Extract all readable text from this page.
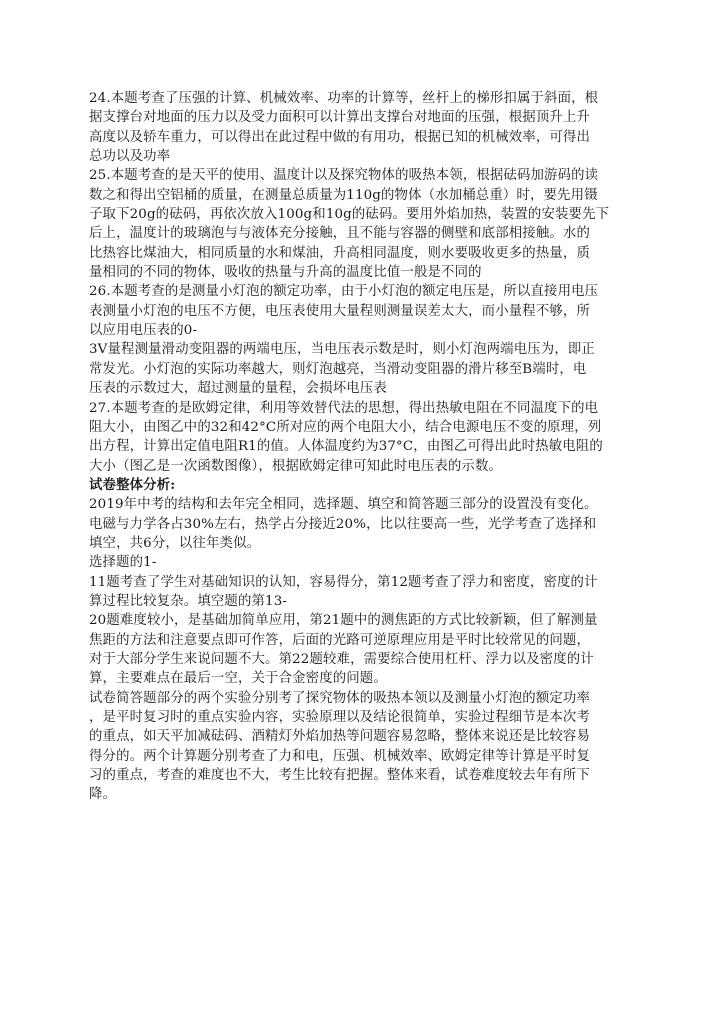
24.本题考查了压强的计算、机械效率、功率的计算等，丝杆上的梯形扣属于斜面，根
据支撑台对地面的压力以及受力面积可以计算出支撑台对地面的压强，根据顶升上升
高度以及轿车重力，可以得出在此过程中做的有用功，根据已知的机械效率，可得出
总功以及功率
25.本题考查的是天平的使用、温度计以及探究物体的吸热本领，根据砝码加游码的读
数之和得出空铝桶的质量，在测量总质量为110g的物体（水加桶总重）时，要先用镊
子取下20g的砝码，再依次放入100g和10g的砝码。要用外焰加热，装置的安装要先下
后上，温度计的玻璃泡与与液体充分接触，且不能与容器的侧壁和底部相接触。水的
比热容比煤油大，相同质量的水和煤油，升高相同温度，则水要吸收更多的热量，质
量相同的不同的物体，吸收的热量与升高的温度比值一般是不同的
26.本题考查的是测量小灯泡的额定功率，由于小灯泡的额定电压是，所以直接用电压
表测量小灯泡的电压不方便，电压表使用大量程则测量误差太大，而小量程不够，所
以应用电压表的0-
3V量程测量滑动变阻器的两端电压，当电压表示数是时，则小灯泡两端电压为，即正
常发光。小灯泡的实际功率越大，则灯泡越亮，当滑动变阻器的滑片移至B端时，电
压表的示数过大，超过测量的量程，会损坏电压表
27.本题考查的是欧姆定律，利用等效替代法的思想，得出热敏电阻在不同温度下的电
阻大小，由图乙中的32和42°C所对应的两个电阻大小，结合电源电压不变的原理，列
出方程，计算出定值电阻R1的值。人体温度约为37°C，由图乙可得出此时热敏电阻的
大小（图乙是一次函数图像），根据欧姆定律可知此时电压表的示数。
试卷整体分析:
2019年中考的结构和去年完全相同，选择题、填空和简答题三部分的设置没有变化。
电磁与力学各占30%左右，热学占分接近20%，比以往要高一些，光学考查了选择和
填空，共6分，以往年类似。
选择题的1-
11题考查了学生对基础知识的认知，容易得分，第12题考查了浮力和密度，密度的计
算过程比较复杂。填空题的第13-
20题难度较小，是基础加简单应用，第21题中的测焦距的方式比较新颖，但了解测量
焦距的方法和注意要点即可作答，后面的光路可逆原理应用是平时比较常见的问题，
对于大部分学生来说问题不大。第22题较难，需要综合使用杠杆、浮力以及密度的计
算，主要难点在最后一空，关于合金密度的问题。
试卷简答题部分的两个实验分别考了探究物体的吸热本领以及测量小灯泡的额定功率
，是平时复习时的重点实验内容，实验原理以及结论很简单，实验过程细节是本次考
的重点，如天平加减砝码、酒精灯外焰加热等问题容易忽略，整体来说还是比较容易
得分的。两个计算题分别考查了力和电，压强、机械效率、欧姆定律等计算是平时复
习的重点，考查的难度也不大，考生比较有把握。整体来看，试卷难度较去年有所下
降。
